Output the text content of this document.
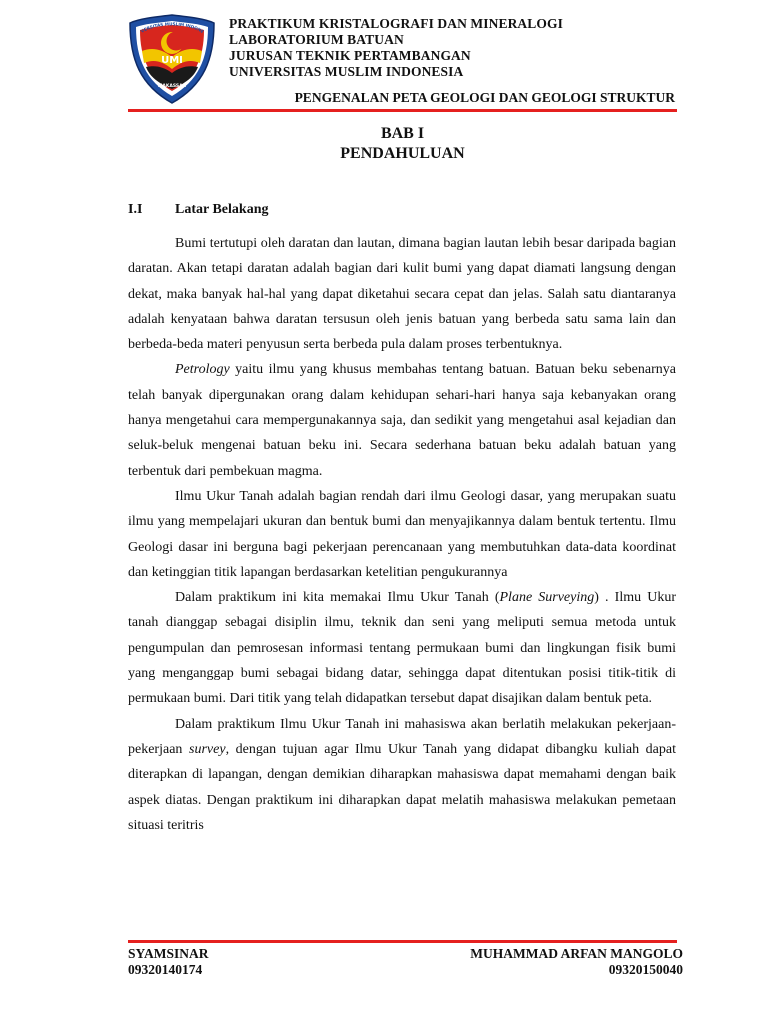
UMI
VERSITAS MUSLIM INDONE
MAKASSAR
PRAKTIKUM KRISTALOGRAFI DAN MINERALOGI
LABORATORIUM BATUAN
JURUSAN TEKNIK PERTAMBANGAN
UNIVERSITAS MUSLIM INDONESIA
PENGENALAN PETA GEOLOGI DAN GEOLOGI STRUKTUR
BAB I
PENDAHULUAN
I.I Latar Belakang

Bumi tertutupi oleh daratan dan lautan, dimana bagian lautan lebih besar daripada bagian daratan. Akan tetapi daratan adalah bagian dari kulit bumi yang dapat diamati langsung dengan dekat, maka banyak hal-hal yang dapat diketahui secara cepat dan jelas. Salah satu diantaranya adalah kenyataan bahwa daratan tersusun oleh jenis batuan yang berbeda satu sama lain dan berbeda-beda materi penyusun serta berbeda pula dalam proses terbentuknya.

Petrology yaitu ilmu yang khusus membahas tentang batuan. Batuan beku sebenarnya telah banyak dipergunakan orang dalam kehidupan sehari-hari hanya saja kebanyakan orang hanya mengetahui cara mempergunakannya saja, dan sedikit yang mengetahui asal kejadian dan seluk-beluk mengenai batuan beku ini. Secara sederhana batuan beku adalah batuan yang terbentuk dari pembekuan magma.

Ilmu Ukur Tanah adalah bagian rendah dari ilmu Geologi dasar, yang merupakan suatu ilmu yang mempelajari ukuran dan bentuk bumi dan menyajikannya dalam bentuk tertentu. Ilmu Geologi dasar ini berguna bagi pekerjaan perencanaan yang membutuhkan data-data koordinat dan ketinggian titik lapangan berdasarkan ketelitian pengukurannya

Dalam praktikum ini kita memakai Ilmu Ukur Tanah (Plane Surveying) . Ilmu Ukur tanah dianggap sebagai disiplin ilmu, teknik dan seni yang meliputi semua metoda untuk pengumpulan dan pemrosesan informasi tentang permukaan bumi dan lingkungan fisik bumi yang menganggap bumi sebagai bidang datar, sehingga dapat ditentukan posisi titik-titik di permukaan bumi. Dari titik yang telah didapatkan tersebut dapat disajikan dalam bentuk peta.

Dalam praktikum Ilmu Ukur Tanah ini mahasiswa akan berlatih melakukan pekerjaan-pekerjaan survey, dengan tujuan agar Ilmu Ukur Tanah yang didapat dibangku kuliah dapat diterapkan di lapangan, dengan demikian diharapkan mahasiswa dapat memahami dengan baik aspek diatas. Dengan praktikum ini diharapkan dapat melatih mahasiswa melakukan pemetaan situasi teritris

SYAMSINAR
09320140174
MUHAMMAD ARFAN MANGOLO
09320150040
